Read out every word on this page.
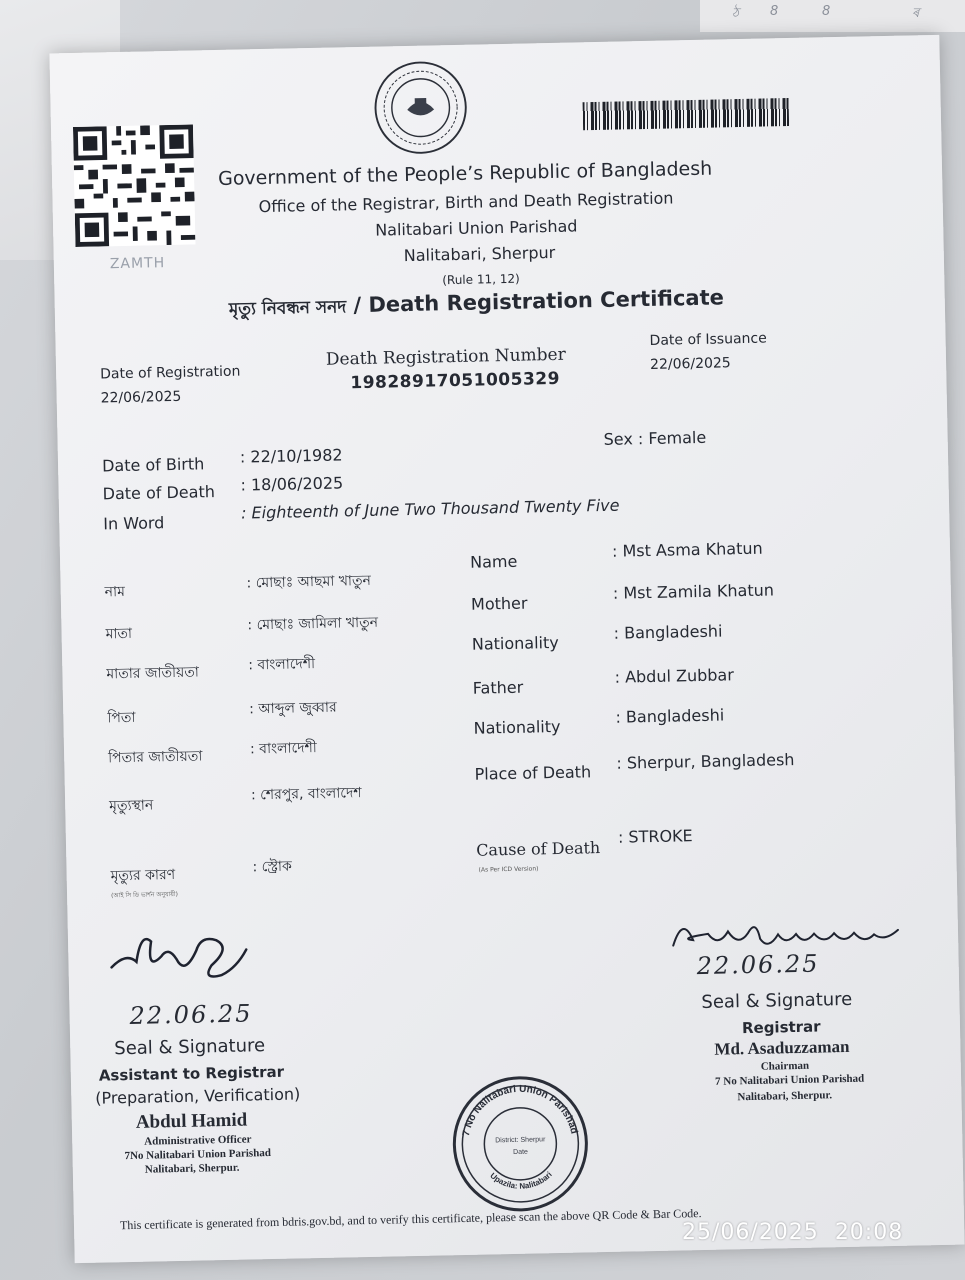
ঠ 8	8	ৰ
ZAMTH
Government of the People’s Republic of Bangladesh
Office of the Registrar, Birth and Death Registration
Nalitabari Union Parishad
Nalitabari, Sherpur
(Rule 11, 12)
মৃত্যু নিবন্ধন সনদ / Death Registration Certificate
Date of Registration
22/06/2025
Death Registration Number
19828917051005329
Date of Issuance
22/06/2025
Date of Birth : 22/10/1982
Date of Death : 18/06/2025
In Word
: Eighteenth of June Two Thousand Twenty Five
Sex : Female
নাম
: মোছাঃ আছমা খাতুন
মাতা
: মোছাঃ জামিলা খাতুন
মাতার জাতীয়তা	: বাংলাদেশী
পিতা
: আব্দুল জুব্বার
পিতার জাতীয়তা	: বাংলাদেশী
মৃত্যুস্থান
: শেরপুর, বাংলাদেশ
মৃত্যুর কারণ
: স্ট্রোক
(আই সি ডি ভার্শন অনুযায়ী)
Name
: Mst Asma Khatun
Mother
: Mst Zamila Khatun
Nationality
: Bangladeshi
Father
: Abdul Zubbar
Nationality
: Bangladeshi
Place of Death
: Sherpur, Bangladesh
Cause of Death
: STROKE
(As Per ICD Version)
22.06.25
Seal & Signature
Assistant to Registrar
(Preparation, Verification)
Abdul Hamid
Administrative Officer
7No Nalitabari Union Parishad
Nalitabari, Sherpur.
22.06.25
Seal & Signature
Registrar
Md. Asaduzzaman
Chairman
7 No Nalitabari Union Parishad
Nalitabari, Sherpur.
7 No Nalitabari Union Parishad
Upazila: Nalitabari
District: Sherpur
Date
This certificate is generated from bdris.gov.bd, and to verify this certificate, please scan the above QR Code & Bar Code.
25/06/2025 20:08
